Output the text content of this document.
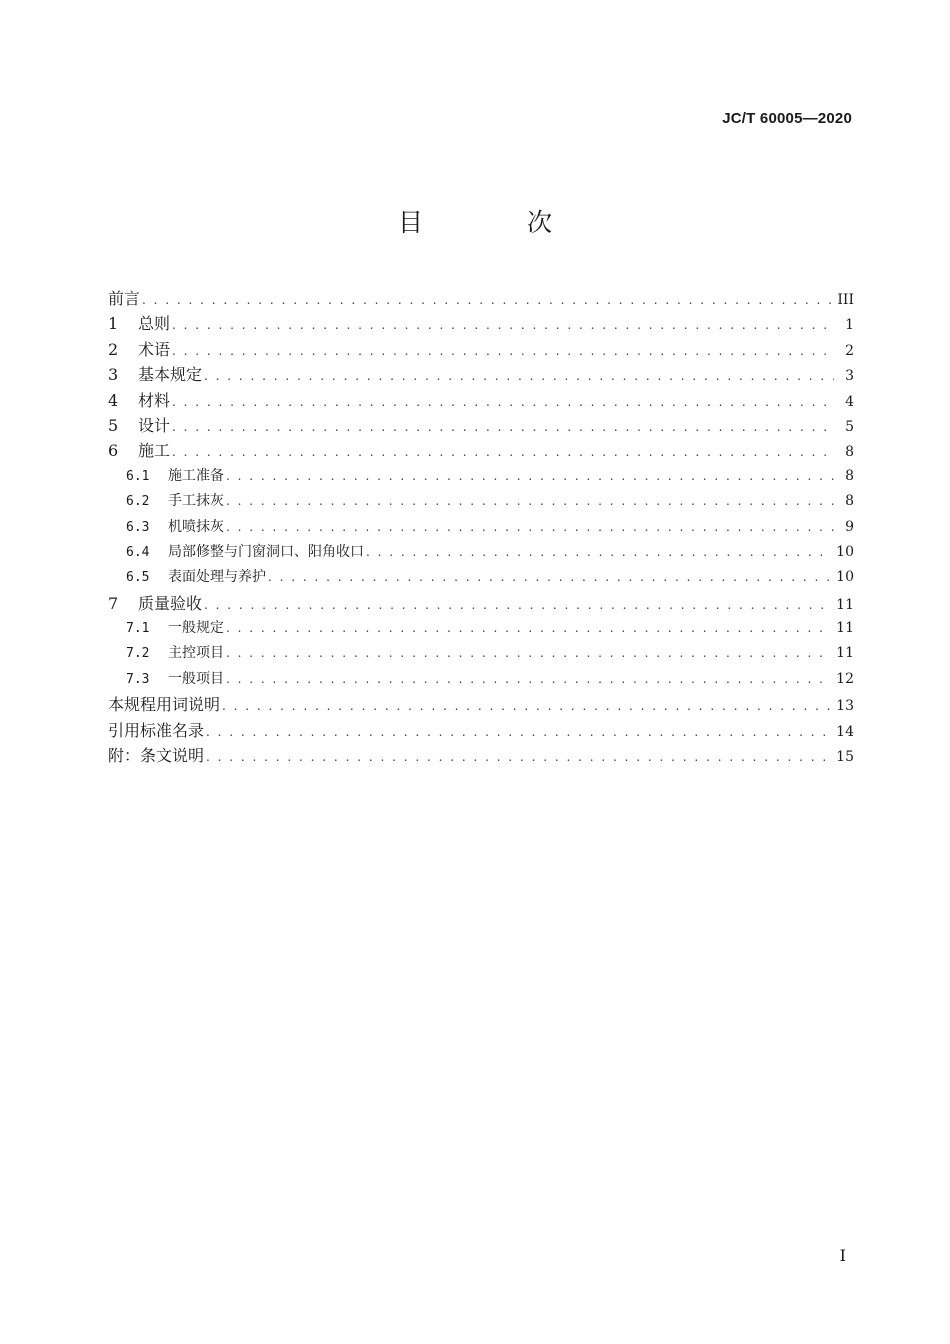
JC/T 60005—2020
目 次
前言 . . .	III
1	总则 . . .	1
2	术语 . . .	2
3	基本规定 . . .	3
4	材料 . . .	4
5	设计 . . .	5
6	施工 . . .	8
6.1	施工准备 . . .	8
6.2	手工抹灰 . . .	8
6.3	机喷抹灰 . . .	9
6.4	局部修整与门窗洞口、阳角收口 . . .	10
6.5	表面处理与养护 . . .	10
7	质量验收 . . .	11
7.1	一般规定 . . .	11
7.2	主控项目 . . .	11
7.3	一般项目 . . .	12
本规程用词说明 . . .	13
引用标准名录 . . .	14
附：条文说明 . . .	15
I
